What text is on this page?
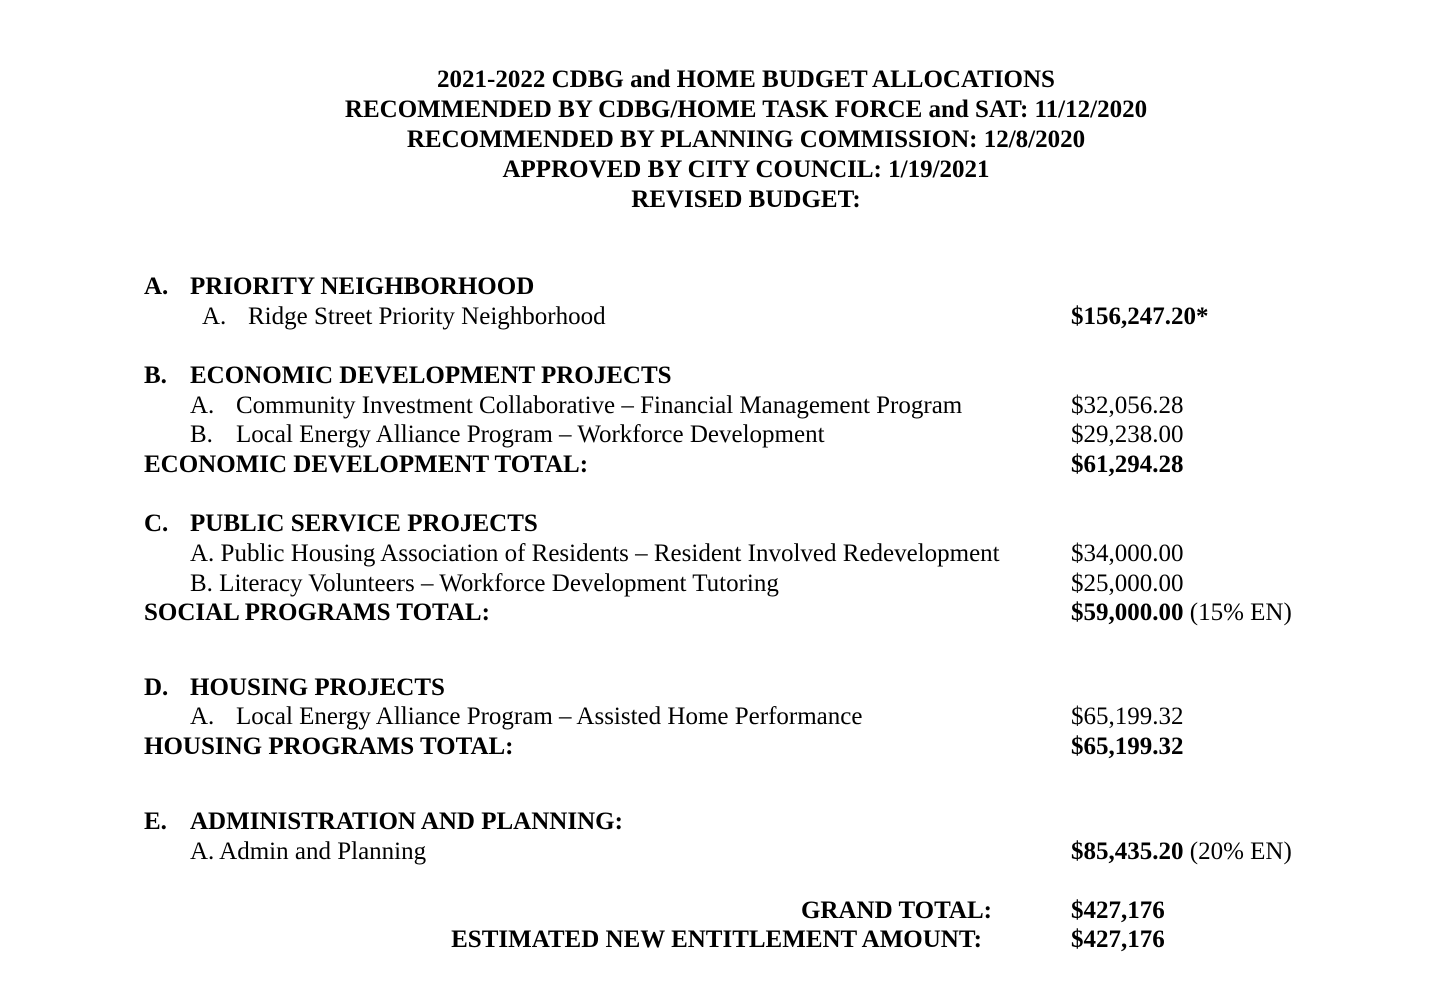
2021-2022 CDBG and HOME BUDGET ALLOCATIONS
RECOMMENDED BY CDBG/HOME TASK FORCE and SAT: 11/12/2020
RECOMMENDED BY PLANNING COMMISSION: 12/8/2020
APPROVED BY CITY COUNCIL: 1/19/2021
REVISED BUDGET:
A. PRIORITY NEIGHBORHOOD
A. Ridge Street Priority Neighborhood	$156,247.20*
B. ECONOMIC DEVELOPMENT PROJECTS
A. Community Investment Collaborative – Financial Management Program	$32,056.28
B. Local Energy Alliance Program – Workforce Development	$29,238.00
ECONOMIC DEVELOPMENT TOTAL:	$61,294.28
C. PUBLIC SERVICE PROJECTS
A. Public Housing Association of Residents – Resident Involved Redevelopment	$34,000.00
B. Literacy Volunteers – Workforce Development Tutoring	$25,000.00
SOCIAL PROGRAMS TOTAL:	$59,000.00 (15% EN)
D. HOUSING PROJECTS
A. Local Energy Alliance Program – Assisted Home Performance	$65,199.32
HOUSING PROGRAMS TOTAL:	$65,199.32
E. ADMINISTRATION AND PLANNING:
A. Admin and Planning	$85,435.20 (20% EN)
GRAND TOTAL:	$427,176
ESTIMATED NEW ENTITLEMENT AMOUNT:	$427,176
